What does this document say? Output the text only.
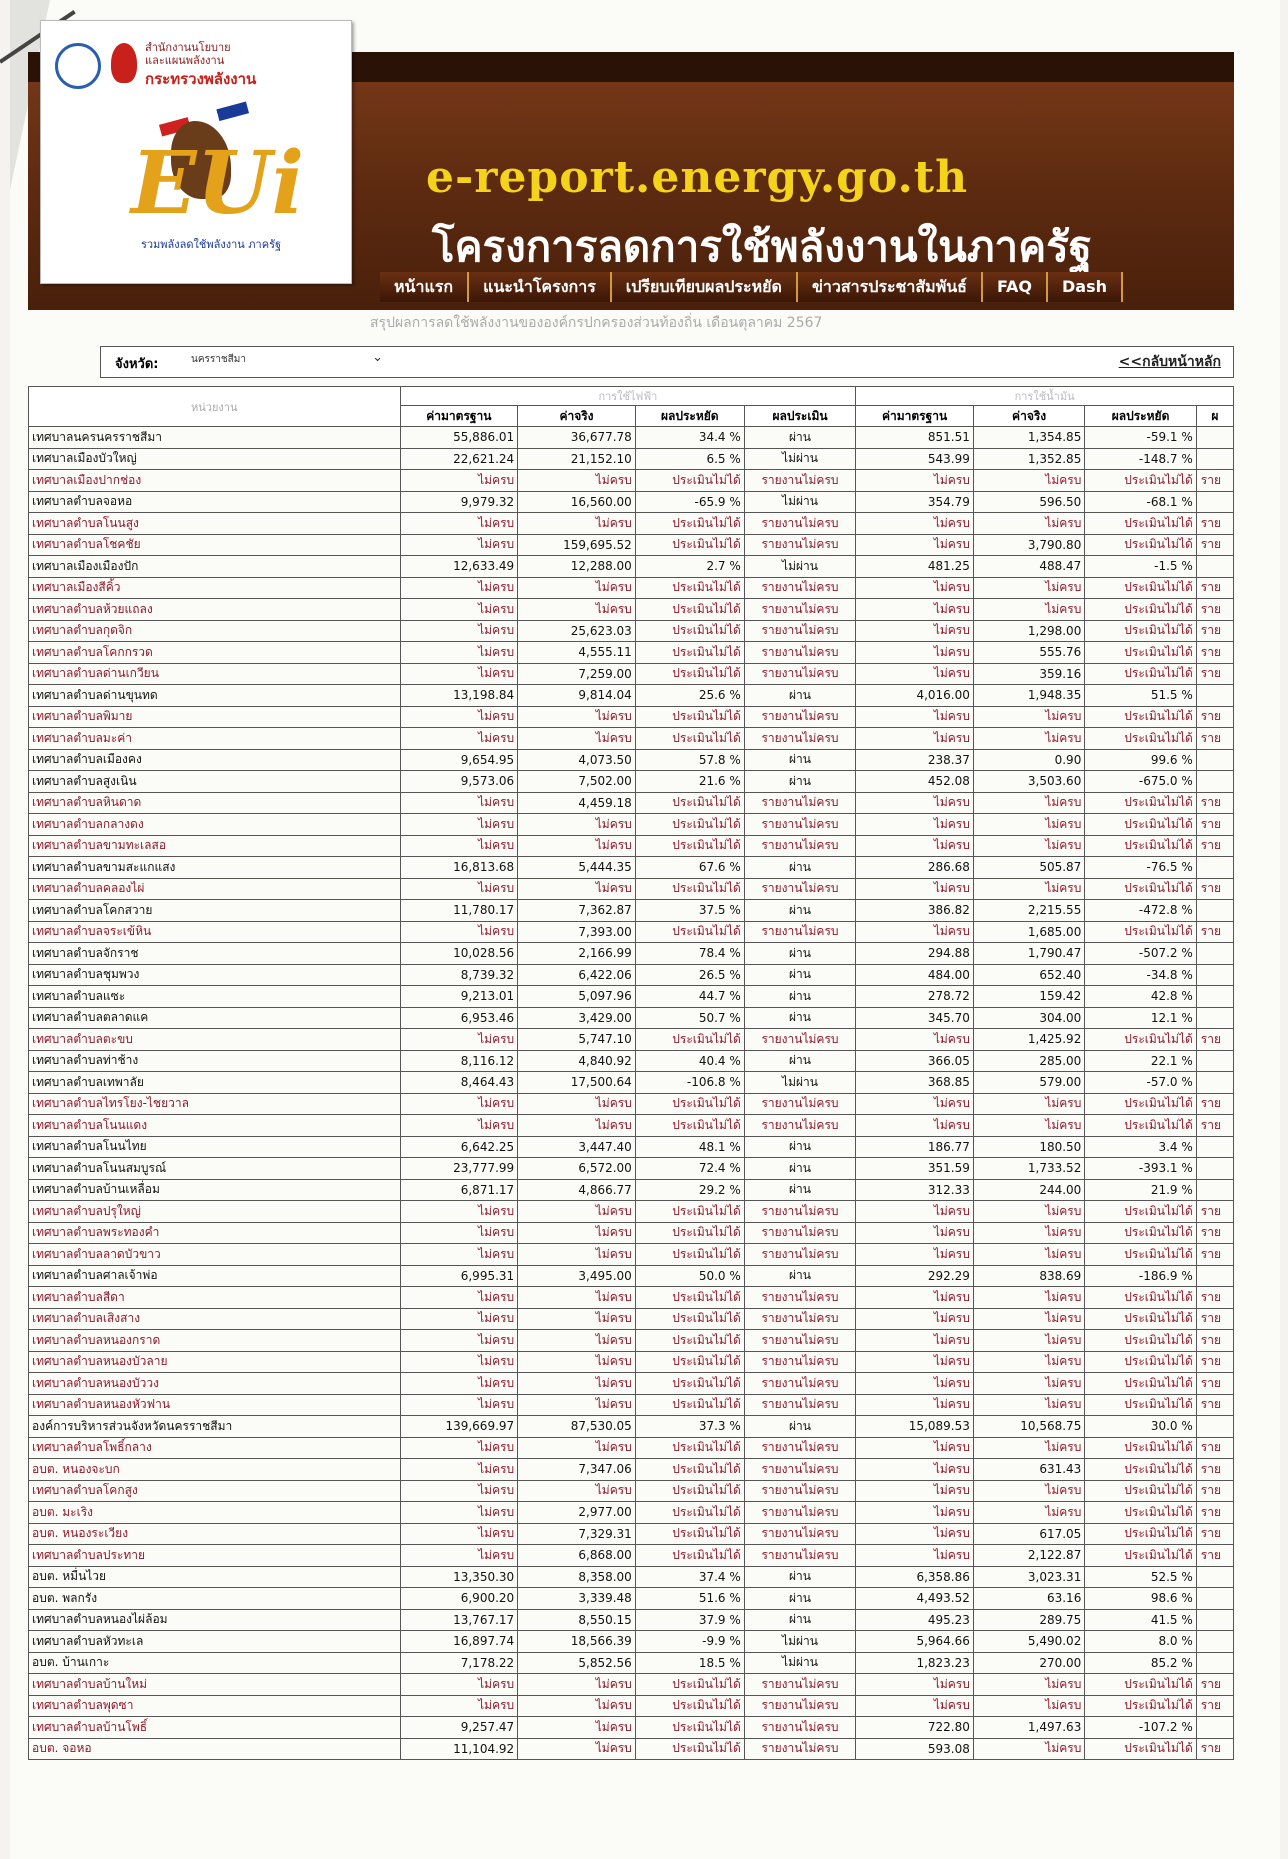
e-report.energy.go.th
โครงการลดการใช้พลังงานในภาครัฐ
สำนักงานนโยบาย
และแผนพลังงาน
กระทรวงพลังงาน
EUi
รวมพลังลดใช้พลังงาน ภาครัฐ
หน้าแรก	แนะนำโครงการ	เปรียบเทียบผลประหยัด	ข่าวสารประชาสัมพันธ์	FAQ	Dash
สรุปผลการลดใช้พลังงานขององค์กรปกครองส่วนท้องถิ่น เดือนตุลาคม 2567
จังหวัด:	นครราชสีมา	⌄	<<กลับหน้าหลัก
หน่วยงาน	การใช้ไฟฟ้า				การใช้น้ำมัน			
	ค่ามาตรฐาน	ค่าจริง	ผลประหยัด	ผลประเมิน	ค่ามาตรฐาน	ค่าจริง	ผลประหยัด	ผ
เทศบาลนครนครราชสีมา	55,886.01	36,677.78	34.4 %	ผ่าน	851.51	1,354.85	-59.1 %	
เทศบาลเมืองบัวใหญ่	22,621.24	21,152.10	6.5 %	ไม่ผ่าน	543.99	1,352.85	-148.7 %	
เทศบาลเมืองปากช่อง	ไม่ครบ	ไม่ครบ	ประเมินไม่ได้	รายงานไม่ครบ	ไม่ครบ	ไม่ครบ	ประเมินไม่ได้	ราย
เทศบาลตำบลจอหอ	9,979.32	16,560.00	-65.9 %	ไม่ผ่าน	354.79	596.50	-68.1 %	
เทศบาลตำบลโนนสูง	ไม่ครบ	ไม่ครบ	ประเมินไม่ได้	รายงานไม่ครบ	ไม่ครบ	ไม่ครบ	ประเมินไม่ได้	ราย
เทศบาลตำบลโชคชัย	ไม่ครบ	159,695.52	ประเมินไม่ได้	รายงานไม่ครบ	ไม่ครบ	3,790.80	ประเมินไม่ได้	ราย
เทศบาลเมืองเมืองปัก	12,633.49	12,288.00	2.7 %	ไม่ผ่าน	481.25	488.47	-1.5 %	
เทศบาลเมืองสีคิ้ว	ไม่ครบ	ไม่ครบ	ประเมินไม่ได้	รายงานไม่ครบ	ไม่ครบ	ไม่ครบ	ประเมินไม่ได้	ราย
เทศบาลตำบลห้วยแถลง	ไม่ครบ	ไม่ครบ	ประเมินไม่ได้	รายงานไม่ครบ	ไม่ครบ	ไม่ครบ	ประเมินไม่ได้	ราย
เทศบาลตำบลกุดจิก	ไม่ครบ	25,623.03	ประเมินไม่ได้	รายงานไม่ครบ	ไม่ครบ	1,298.00	ประเมินไม่ได้	ราย
เทศบาลตำบลโคกกรวด	ไม่ครบ	4,555.11	ประเมินไม่ได้	รายงานไม่ครบ	ไม่ครบ	555.76	ประเมินไม่ได้	ราย
เทศบาลตำบลด่านเกวียน	ไม่ครบ	7,259.00	ประเมินไม่ได้	รายงานไม่ครบ	ไม่ครบ	359.16	ประเมินไม่ได้	ราย
เทศบาลตำบลด่านขุนทด	13,198.84	9,814.04	25.6 %	ผ่าน	4,016.00	1,948.35	51.5 %	
เทศบาลตำบลพิมาย	ไม่ครบ	ไม่ครบ	ประเมินไม่ได้	รายงานไม่ครบ	ไม่ครบ	ไม่ครบ	ประเมินไม่ได้	ราย
เทศบาลตำบลมะค่า	ไม่ครบ	ไม่ครบ	ประเมินไม่ได้	รายงานไม่ครบ	ไม่ครบ	ไม่ครบ	ประเมินไม่ได้	ราย
เทศบาลตำบลเมืองคง	9,654.95	4,073.50	57.8 %	ผ่าน	238.37	0.90	99.6 %	
เทศบาลตำบลสูงเนิน	9,573.06	7,502.00	21.6 %	ผ่าน	452.08	3,503.60	-675.0 %	
เทศบาลตำบลหินดาด	ไม่ครบ	4,459.18	ประเมินไม่ได้	รายงานไม่ครบ	ไม่ครบ	ไม่ครบ	ประเมินไม่ได้	ราย
เทศบาลตำบลกลางดง	ไม่ครบ	ไม่ครบ	ประเมินไม่ได้	รายงานไม่ครบ	ไม่ครบ	ไม่ครบ	ประเมินไม่ได้	ราย
เทศบาลตำบลขามทะเลสอ	ไม่ครบ	ไม่ครบ	ประเมินไม่ได้	รายงานไม่ครบ	ไม่ครบ	ไม่ครบ	ประเมินไม่ได้	ราย
เทศบาลตำบลขามสะแกแสง	16,813.68	5,444.35	67.6 %	ผ่าน	286.68	505.87	-76.5 %	
เทศบาลตำบลคลองไผ่	ไม่ครบ	ไม่ครบ	ประเมินไม่ได้	รายงานไม่ครบ	ไม่ครบ	ไม่ครบ	ประเมินไม่ได้	ราย
เทศบาลตำบลโคกสวาย	11,780.17	7,362.87	37.5 %	ผ่าน	386.82	2,215.55	-472.8 %	
เทศบาลตำบลจระเข้หิน	ไม่ครบ	7,393.00	ประเมินไม่ได้	รายงานไม่ครบ	ไม่ครบ	1,685.00	ประเมินไม่ได้	ราย
เทศบาลตำบลจักราช	10,028.56	2,166.99	78.4 %	ผ่าน	294.88	1,790.47	-507.2 %	
เทศบาลตำบลชุมพวง	8,739.32	6,422.06	26.5 %	ผ่าน	484.00	652.40	-34.8 %	
เทศบาลตำบลแซะ	9,213.01	5,097.96	44.7 %	ผ่าน	278.72	159.42	42.8 %	
เทศบาลตำบลตลาดแค	6,953.46	3,429.00	50.7 %	ผ่าน	345.70	304.00	12.1 %	
เทศบาลตำบลตะขบ	ไม่ครบ	5,747.10	ประเมินไม่ได้	รายงานไม่ครบ	ไม่ครบ	1,425.92	ประเมินไม่ได้	ราย
เทศบาลตำบลท่าช้าง	8,116.12	4,840.92	40.4 %	ผ่าน	366.05	285.00	22.1 %	
เทศบาลตำบลเทพาลัย	8,464.43	17,500.64	-106.8 %	ไม่ผ่าน	368.85	579.00	-57.0 %	
เทศบาลตำบลไทรโยง-ไชยวาล	ไม่ครบ	ไม่ครบ	ประเมินไม่ได้	รายงานไม่ครบ	ไม่ครบ	ไม่ครบ	ประเมินไม่ได้	ราย
เทศบาลตำบลโนนแดง	ไม่ครบ	ไม่ครบ	ประเมินไม่ได้	รายงานไม่ครบ	ไม่ครบ	ไม่ครบ	ประเมินไม่ได้	ราย
เทศบาลตำบลโนนไทย	6,642.25	3,447.40	48.1 %	ผ่าน	186.77	180.50	3.4 %	
เทศบาลตำบลโนนสมบูรณ์	23,777.99	6,572.00	72.4 %	ผ่าน	351.59	1,733.52	-393.1 %	
เทศบาลตำบลบ้านเหลื่อม	6,871.17	4,866.77	29.2 %	ผ่าน	312.33	244.00	21.9 %	
เทศบาลตำบลปรุใหญ่	ไม่ครบ	ไม่ครบ	ประเมินไม่ได้	รายงานไม่ครบ	ไม่ครบ	ไม่ครบ	ประเมินไม่ได้	ราย
เทศบาลตำบลพระทองคำ	ไม่ครบ	ไม่ครบ	ประเมินไม่ได้	รายงานไม่ครบ	ไม่ครบ	ไม่ครบ	ประเมินไม่ได้	ราย
เทศบาลตำบลลาดบัวขาว	ไม่ครบ	ไม่ครบ	ประเมินไม่ได้	รายงานไม่ครบ	ไม่ครบ	ไม่ครบ	ประเมินไม่ได้	ราย
เทศบาลตำบลศาลเจ้าพ่อ	6,995.31	3,495.00	50.0 %	ผ่าน	292.29	838.69	-186.9 %	
เทศบาลตำบลสีดา	ไม่ครบ	ไม่ครบ	ประเมินไม่ได้	รายงานไม่ครบ	ไม่ครบ	ไม่ครบ	ประเมินไม่ได้	ราย
เทศบาลตำบลเสิงสาง	ไม่ครบ	ไม่ครบ	ประเมินไม่ได้	รายงานไม่ครบ	ไม่ครบ	ไม่ครบ	ประเมินไม่ได้	ราย
เทศบาลตำบลหนองกราด	ไม่ครบ	ไม่ครบ	ประเมินไม่ได้	รายงานไม่ครบ	ไม่ครบ	ไม่ครบ	ประเมินไม่ได้	ราย
เทศบาลตำบลหนองบัวลาย	ไม่ครบ	ไม่ครบ	ประเมินไม่ได้	รายงานไม่ครบ	ไม่ครบ	ไม่ครบ	ประเมินไม่ได้	ราย
เทศบาลตำบลหนองบัววง	ไม่ครบ	ไม่ครบ	ประเมินไม่ได้	รายงานไม่ครบ	ไม่ครบ	ไม่ครบ	ประเมินไม่ได้	ราย
เทศบาลตำบลหนองหัวฟาน	ไม่ครบ	ไม่ครบ	ประเมินไม่ได้	รายงานไม่ครบ	ไม่ครบ	ไม่ครบ	ประเมินไม่ได้	ราย
องค์การบริหารส่วนจังหวัดนครราชสีมา	139,669.97	87,530.05	37.3 %	ผ่าน	15,089.53	10,568.75	30.0 %	
เทศบาลตำบลโพธิ์กลาง	ไม่ครบ	ไม่ครบ	ประเมินไม่ได้	รายงานไม่ครบ	ไม่ครบ	ไม่ครบ	ประเมินไม่ได้	ราย
อบต. หนองจะบก	ไม่ครบ	7,347.06	ประเมินไม่ได้	รายงานไม่ครบ	ไม่ครบ	631.43	ประเมินไม่ได้	ราย
เทศบาลตำบลโคกสูง	ไม่ครบ	ไม่ครบ	ประเมินไม่ได้	รายงานไม่ครบ	ไม่ครบ	ไม่ครบ	ประเมินไม่ได้	ราย
อบต. มะเริง	ไม่ครบ	2,977.00	ประเมินไม่ได้	รายงานไม่ครบ	ไม่ครบ	ไม่ครบ	ประเมินไม่ได้	ราย
อบต. หนองระเวียง	ไม่ครบ	7,329.31	ประเมินไม่ได้	รายงานไม่ครบ	ไม่ครบ	617.05	ประเมินไม่ได้	ราย
เทศบาลตำบลประทาย	ไม่ครบ	6,868.00	ประเมินไม่ได้	รายงานไม่ครบ	ไม่ครบ	2,122.87	ประเมินไม่ได้	ราย
อบต. หมื่นไวย	13,350.30	8,358.00	37.4 %	ผ่าน	6,358.86	3,023.31	52.5 %	
อบต. พลกรัง	6,900.20	3,339.48	51.6 %	ผ่าน	4,493.52	63.16	98.6 %	
เทศบาลตำบลหนองไผ่ล้อม	13,767.17	8,550.15	37.9 %	ผ่าน	495.23	289.75	41.5 %	
เทศบาลตำบลหัวทะเล	16,897.74	18,566.39	-9.9 %	ไม่ผ่าน	5,964.66	5,490.02	8.0 %	
อบต. บ้านเกาะ	7,178.22	5,852.56	18.5 %	ไม่ผ่าน	1,823.23	270.00	85.2 %	
เทศบาลตำบลบ้านใหม่	ไม่ครบ	ไม่ครบ	ประเมินไม่ได้	รายงานไม่ครบ	ไม่ครบ	ไม่ครบ	ประเมินไม่ได้	ราย
เทศบาลตำบลพุดซา	ไม่ครบ	ไม่ครบ	ประเมินไม่ได้	รายงานไม่ครบ	ไม่ครบ	ไม่ครบ	ประเมินไม่ได้	ราย
เทศบาลตำบลบ้านโพธิ์	9,257.47	ไม่ครบ	ประเมินไม่ได้	รายงานไม่ครบ	722.80	1,497.63	-107.2 %	
อบต. จอหอ	11,104.92	ไม่ครบ	ประเมินไม่ได้	รายงานไม่ครบ	593.08	ไม่ครบ	ประเมินไม่ได้	ราย
